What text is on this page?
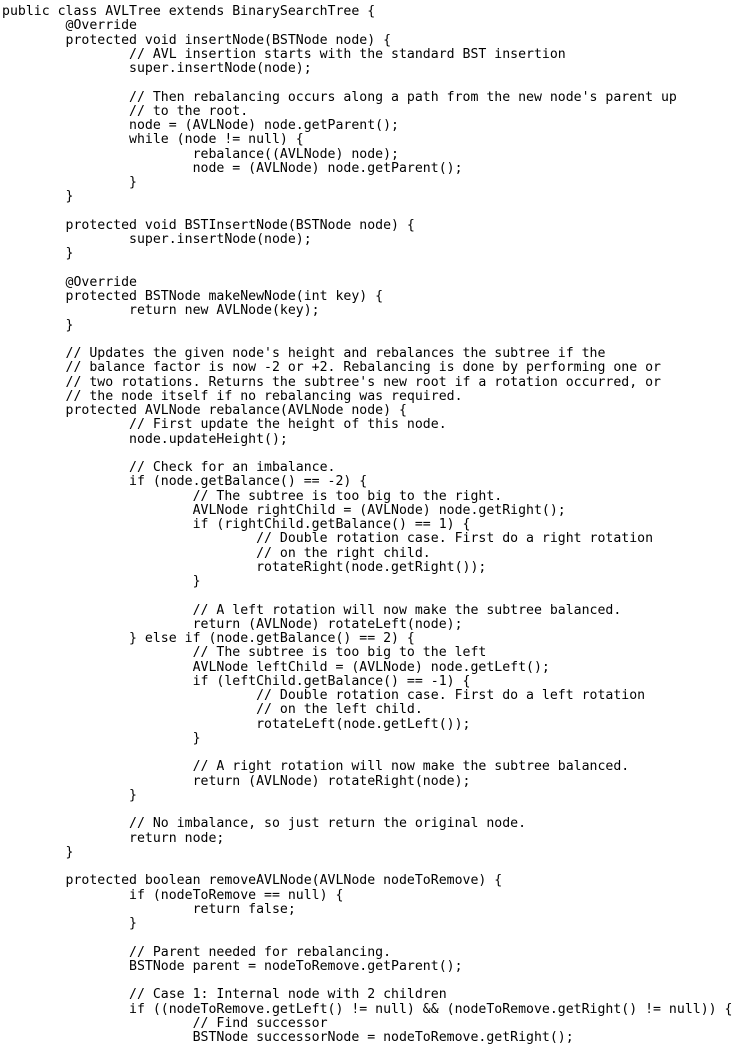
public class AVLTree extends BinarySearchTree {
	@Override
	protected void insertNode(BSTNode node) {
		// AVL insertion starts with the standard BST insertion
		super.insertNode(node);
		// Then rebalancing occurs along a path from the new node's parent up
		// to the root.
		node = (AVLNode) node.getParent();
		while (node != null) {
			rebalance((AVLNode) node);
			node = (AVLNode) node.getParent();
		}
	}
	protected void BSTInsertNode(BSTNode node) {
		super.insertNode(node);
	}
	@Override
	protected BSTNode makeNewNode(int key) {
		return new AVLNode(key);
	}
	// Updates the given node's height and rebalances the subtree if the
	// balance factor is now -2 or +2. Rebalancing is done by performing one or
	// two rotations. Returns the subtree's new root if a rotation occurred, or
	// the node itself if no rebalancing was required.
	protected AVLNode rebalance(AVLNode node) {
		// First update the height of this node.
		node.updateHeight();
		// Check for an imbalance.
		if (node.getBalance() == -2) {
			// The subtree is too big to the right.
			AVLNode rightChild = (AVLNode) node.getRight();
			if (rightChild.getBalance() == 1) {
				// Double rotation case. First do a right rotation
				// on the right child.
				rotateRight(node.getRight());
			}
			// A left rotation will now make the subtree balanced.
			return (AVLNode) rotateLeft(node);
		} else if (node.getBalance() == 2) {
			// The subtree is too big to the left
			AVLNode leftChild = (AVLNode) node.getLeft();
			if (leftChild.getBalance() == -1) {
				// Double rotation case. First do a left rotation
				// on the left child.
				rotateLeft(node.getLeft());
			}
			// A right rotation will now make the subtree balanced.
			return (AVLNode) rotateRight(node);
		}
		// No imbalance, so just return the original node.
		return node;
	}
	protected boolean removeAVLNode(AVLNode nodeToRemove) {
		if (nodeToRemove == null) {
			return false;
		}
		// Parent needed for rebalancing.
		BSTNode parent = nodeToRemove.getParent();
		// Case 1: Internal node with 2 children
		if ((nodeToRemove.getLeft() != null) && (nodeToRemove.getRight() != null)) {
			// Find successor
			BSTNode successorNode = nodeToRemove.getRight();
